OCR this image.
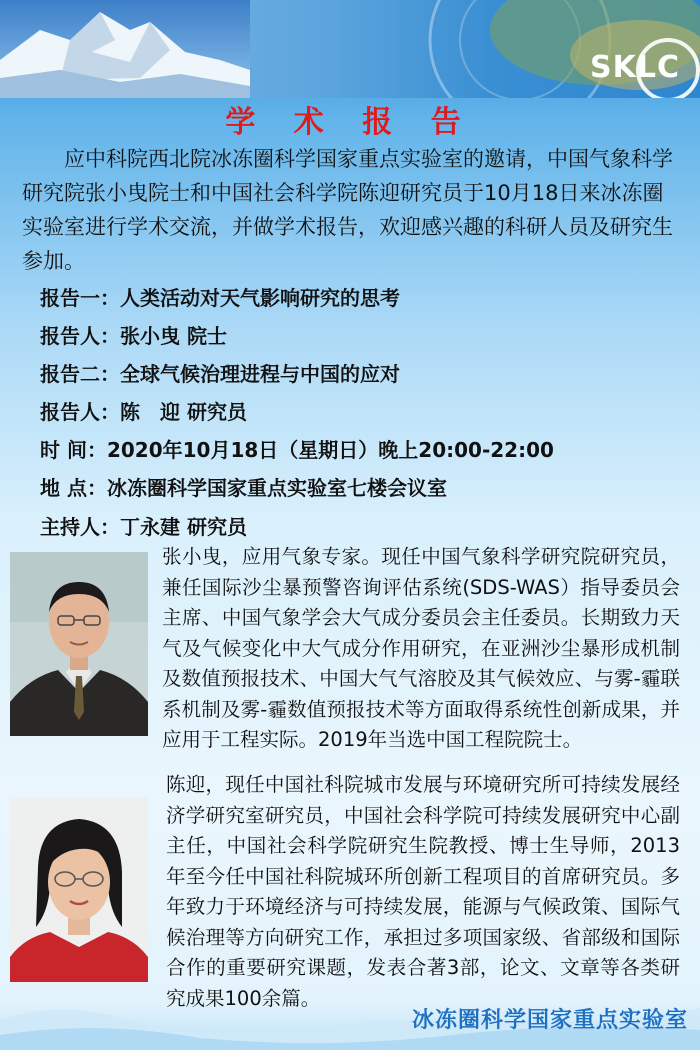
SKLC
学 术 报 告
应中科院西北院冰冻圈科学国家重点实验室的邀请，中国气象科学研究院张小曳院士和中国社会科学院陈迎研究员于10月18日来冰冻圈实验室进行学术交流，并做学术报告，欢迎感兴趣的科研人员及研究生参加。
报告一：人类活动对天气影响研究的思考
报告人：张小曳 院士
报告二：全球气候治理进程与中国的应对
报告人：陈　迎 研究员
时 间：2020年10月18日（星期日）晚上20:00-22:00
地 点：冰冻圈科学国家重点实验室七楼会议室
主持人：丁永建 研究员
张小曳，应用气象专家。现任中国气象科学研究院研究员，兼任国际沙尘暴预警咨询评估系统(SDS-WAS）指导委员会主席、中国气象学会大气成分委员会主任委员。长期致力天气及气候变化中大气成分作用研究，在亚洲沙尘暴形成机制及数值预报技术、中国大气气溶胶及其气候效应、与雾-霾联系机制及雾-霾数值预报技术等方面取得系统性创新成果，并应用于工程实际。2019年当选中国工程院院士。
陈迎，现任中国社科院城市发展与环境研究所可持续发展经济学研究室研究员，中国社会科学院可持续发展研究中心副主任，中国社会科学院研究生院教授、博士生导师，2013年至今任中国社科院城环所创新工程项目的首席研究员。多年致力于环境经济与可持续发展，能源与气候政策、国际气候治理等方向研究工作，承担过多项国家级、省部级和国际合作的重要研究课题，发表合著3部，论文、文章等各类研究成果100余篇。
冰冻圈科学国家重点实验室
